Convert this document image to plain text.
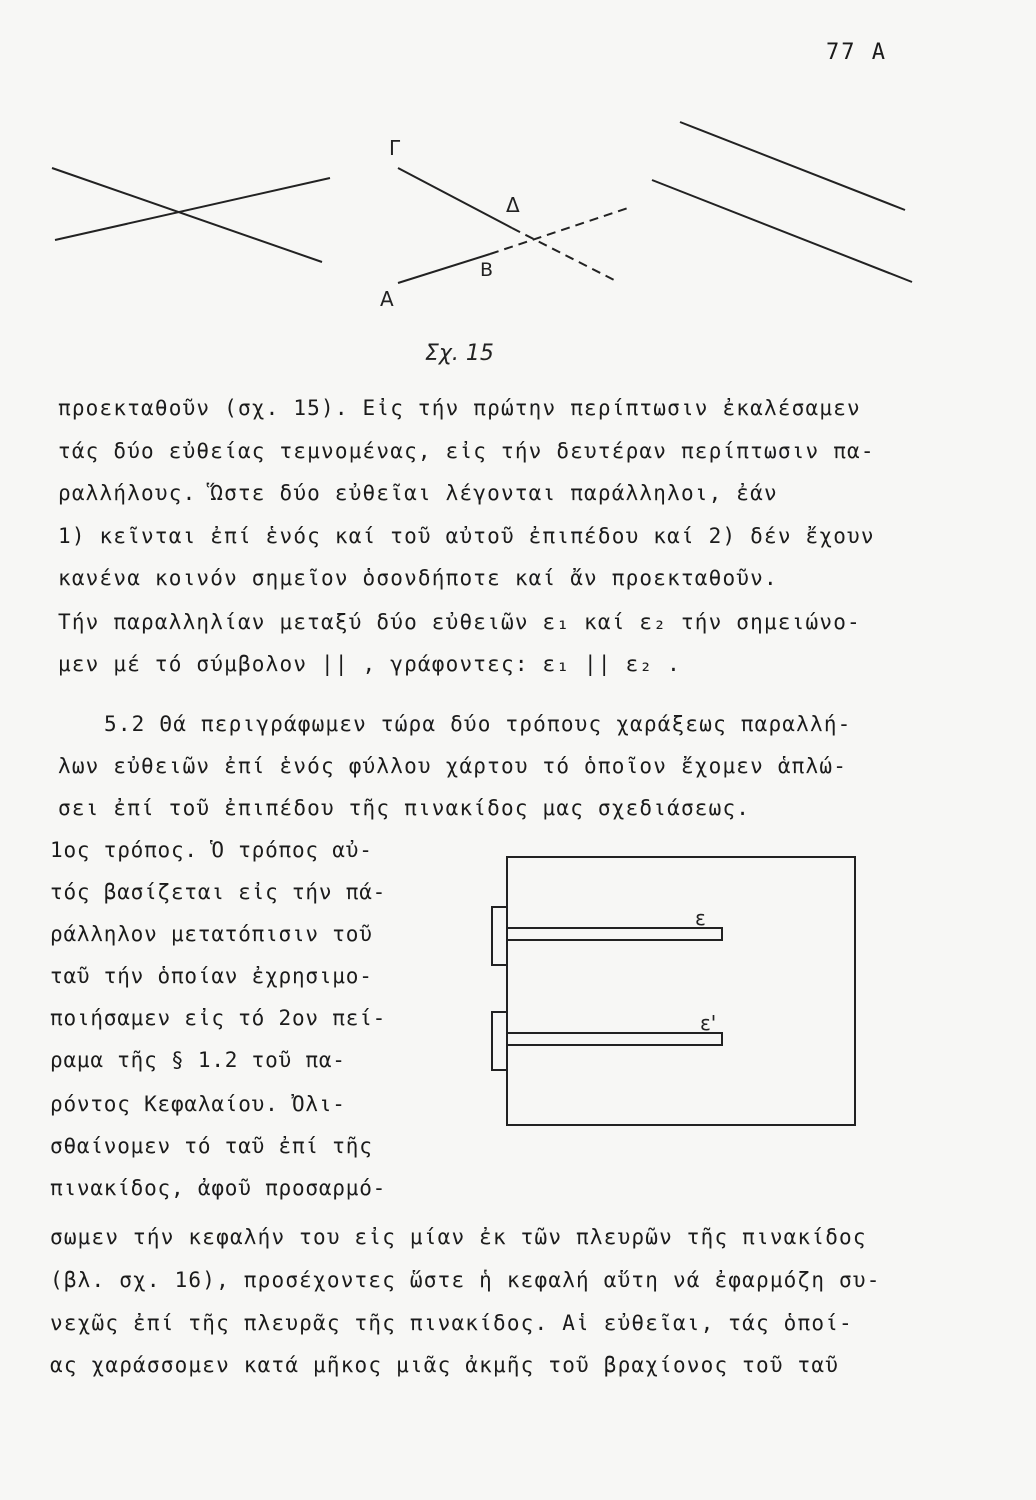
77 A
Γ
Δ
Β
Α
Σχ. 15
ε
ε'
προεκταθοῦν (σχ. 15). Εἰς τήν πρώτην περίπτωσιν ἐκαλέσαμεν
τάς δύο εὐθείας τεμνομένας, εἰς τήν δευτέραν περίπτωσιν πα-
ραλλήλους. Ὥστε δύο εὐθεῖαι λέγονται παράλληλοι, ἐάν
1) κεῖνται ἐπί ἑνός καί τοῦ αὐτοῦ ἐπιπέδου καί 2) δέν ἔχουν
κανένα κοινόν σημεῖον ὁσονδήποτε καί ἄν προεκταθοῦν.
Τήν παραλληλίαν μεταξύ δύο εὐθειῶν ε₁ καί ε₂ τήν σημειώνο-
μεν μέ τό σύμβολον || , γράφοντες: ε₁ || ε₂ .
5.2 Θά περιγράφωμεν τώρα δύο τρόπους χαράξεως παραλλή-
λων εὐθειῶν ἐπί ἑνός φύλλου χάρτου τό ὁποῖον ἔχομεν ἁπλώ-
σει ἐπί τοῦ ἐπιπέδου τῆς πινακίδος μας σχεδιάσεως.
1ος τρόπος. Ὁ τρόπος αὐ-
τός βασίζεται εἰς τήν πά-
ράλληλον μετατόπισιν τοῦ
ταῦ τήν ὁποίαν ἐχρησιμο-
ποιήσαμεν εἰς τό 2ον πεί-
ραμα τῆς § 1.2 τοῦ πα-
ρόντος Κεφαλαίου. Ὀλι-
σθαίνομεν τό ταῦ ἐπί τῆς
πινακίδος, ἀφοῦ προσαρμό-
σωμεν τήν κεφαλήν του εἰς μίαν ἐκ τῶν πλευρῶν τῆς πινακίδος
(βλ. σχ. 16), προσέχοντες ὥστε ἡ κεφαλή αὕτη νά ἐφαρμόζη συ-
νεχῶς ἐπί τῆς πλευρᾶς τῆς πινακίδος. Αἱ εὐθεῖαι, τάς ὁποί-
ας χαράσσομεν κατά μῆκος μιᾶς ἀκμῆς τοῦ βραχίονος τοῦ ταῦ
